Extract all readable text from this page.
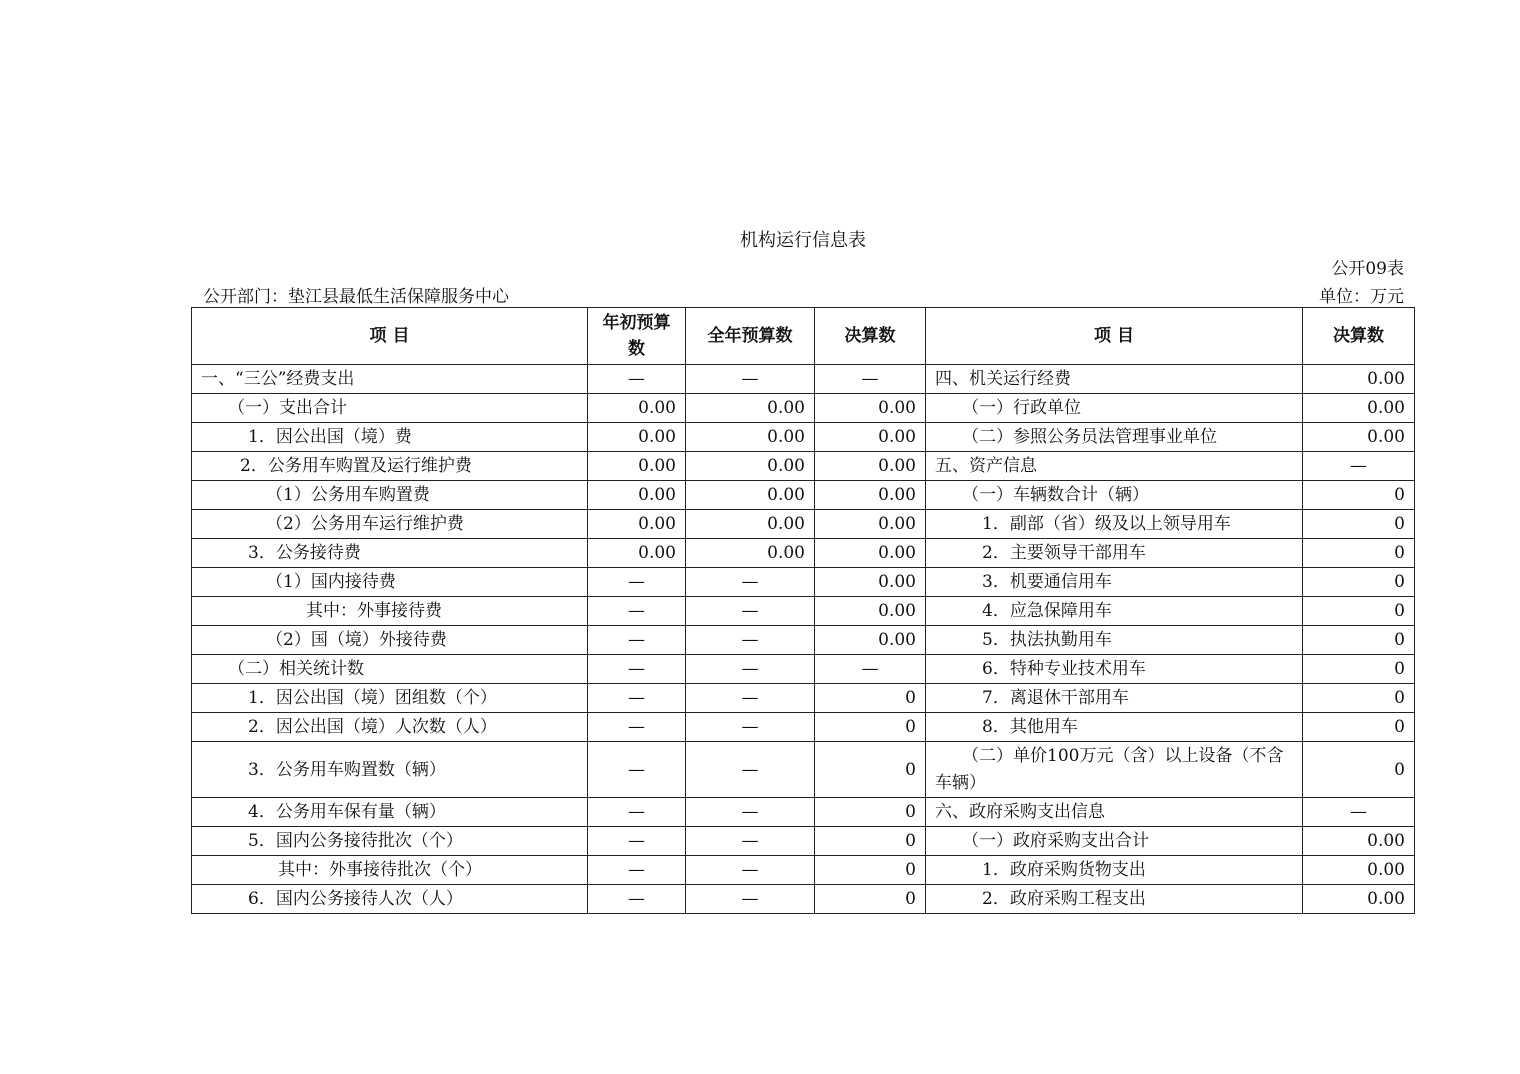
机构运行信息表
公开09表
公开部门：垫江县最低生活保障服务中心	单位：万元
项 目	年初预算数	全年预算数	决算数	项 目	决算数
一、“三公”经费支出	—	—	—	四、机关运行经费	0.00
（一）支出合计	0.00	0.00	0.00	（一）行政单位	0.00
1．因公出国（境）费	0.00	0.00	0.00	（二）参照公务员法管理事业单位	0.00
2．公务用车购置及运行维护费	0.00	0.00	0.00	五、资产信息	—
（1）公务用车购置费	0.00	0.00	0.00	（一）车辆数合计（辆）	0
（2）公务用车运行维护费	0.00	0.00	0.00	1．副部（省）级及以上领导用车	0
3．公务接待费	0.00	0.00	0.00	2．主要领导干部用车	0
（1）国内接待费	—	—	0.00	3．机要通信用车	0
其中：外事接待费	—	—	0.00	4．应急保障用车	0
（2）国（境）外接待费	—	—	0.00	5．执法执勤用车	0
（二）相关统计数	—	—	—	6．特种专业技术用车	0
1．因公出国（境）团组数（个）	—	—	0	7．离退休干部用车	0
2．因公出国（境）人次数（人）	—	—	0	8．其他用车	0
3．公务用车购置数（辆）	—	—	0	（二）单价100万元（含）以上设备（不含车辆）	0
4．公务用车保有量（辆）	—	—	0	六、政府采购支出信息	—
5．国内公务接待批次（个）	—	—	0	（一）政府采购支出合计	0.00
其中：外事接待批次（个）	—	—	0	1．政府采购货物支出	0.00
6．国内公务接待人次（人）	—	—	0	2．政府采购工程支出	0.00
